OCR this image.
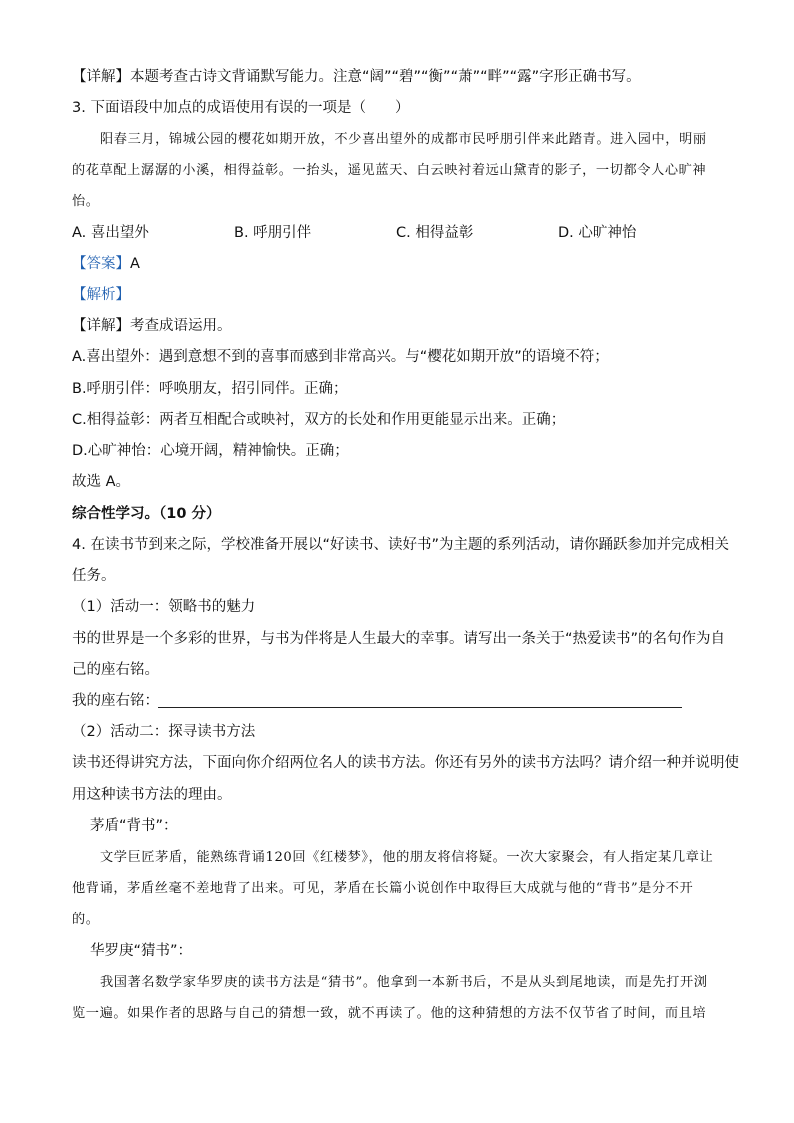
【详解】本题考查古诗文背诵默写能力。注意“阔”“碧”“衡”“萧”“畔”“露”字形正确书写。
3. 下面语段中加点的成语使用有误的一项是（　　）
阳春三月，锦城公园的樱花如期开放，不少喜出望外的成都市民呼朋引伴来此踏青。进入园中，明丽
的花草配上潺潺的小溪，相得益彰。一抬头，遥见蓝天、白云映衬着远山黛青的影子，一切都令人心旷神
怡。
A. 喜出望外	B. 呼朋引伴	C. 相得益彰	D. 心旷神怡
【答案】A
【解析】
【详解】考查成语运用。
A.喜出望外：遇到意想不到的喜事而感到非常高兴。与“樱花如期开放”的语境不符；
B.呼朋引伴：呼唤朋友，招引同伴。正确；
C.相得益彰：两者互相配合或映衬，双方的长处和作用更能显示出来。正确；
D.心旷神怡：心境开阔，精神愉快。正确；
故选 A。
综合性学习。（10 分）
4. 在读书节到来之际，学校准备开展以“好读书、读好书”为主题的系列活动，请你踊跃参加并完成相关
任务。
（1）活动一：领略书的魅力
书的世界是一个多彩的世界，与书为伴将是人生最大的幸事。请写出一条关于“热爱读书”的名句作为自
己的座右铭。
我的座右铭：
（2）活动二：探寻读书方法
读书还得讲究方法，下面向你介绍两位名人的读书方法。你还有另外的读书方法吗？请介绍一种并说明使
用这种读书方法的理由。
茅盾“背书”：
文学巨匠茅盾，能熟练背诵120回《红楼梦》，他的朋友将信将疑。一次大家聚会，有人指定某几章让
他背诵，茅盾丝毫不差地背了出来。可见，茅盾在长篇小说创作中取得巨大成就与他的“背书”是分不开
的。
华罗庚“猜书”：
我国著名数学家华罗庚的读书方法是“猜书”。他拿到一本新书后，不是从头到尾地读，而是先打开浏
览一遍。如果作者的思路与自己的猜想一致，就不再读了。他的这种猜想的方法不仅节省了时间，而且培
